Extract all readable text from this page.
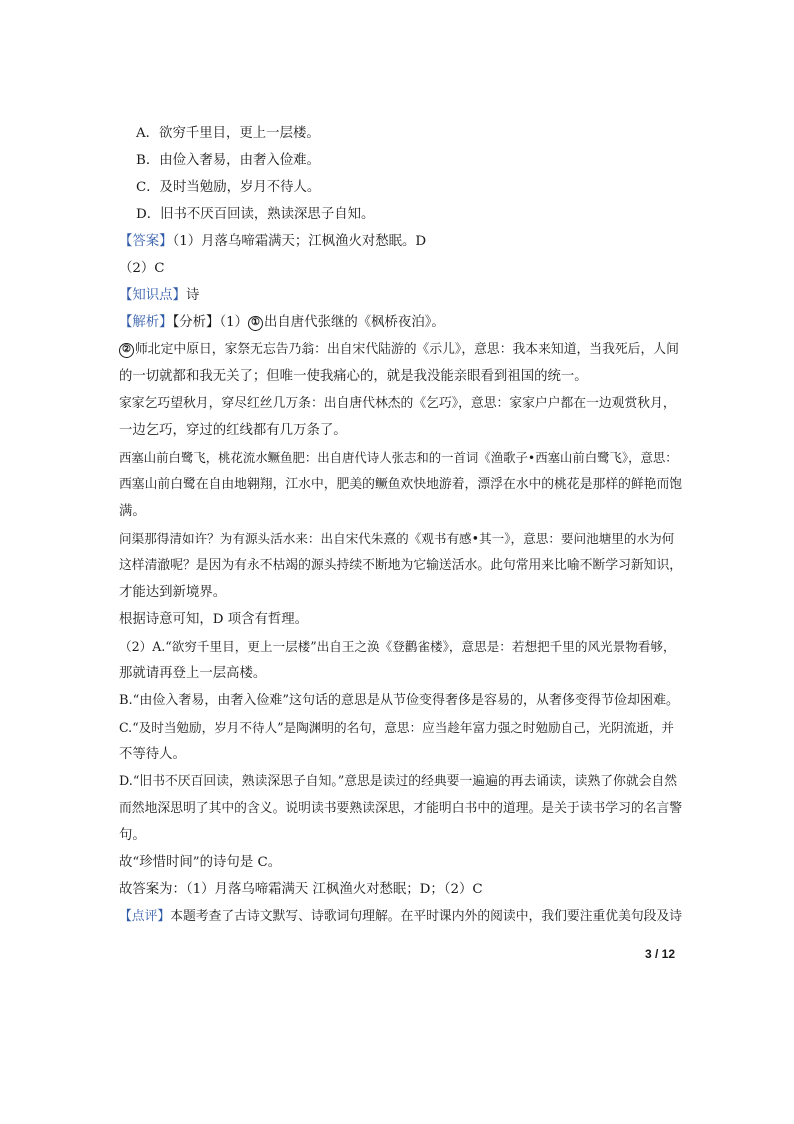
A．欲穷千里目，更上一层楼。

B．由俭入奢易，由奢入俭难。

C．及时当勉励，岁月不待人。

D．旧书不厌百回读，熟读深思子自知。

【答案】（1）月落乌啼霜满天；江枫渔火对愁眠。D

（2）C

【知识点】诗

【解析】【分析】（1） ① 出自唐代张继的《枫桥夜泊》。

② 师北定中原日，家祭无忘告乃翁：出自宋代陆游的《示儿》，意思：我本来知道，当我死后，人间

的一切就都和我无关了；但唯一使我痛心的，就是我没能亲眼看到祖国的统一。

家家乞巧望秋月，穿尽红丝几万条：出自唐代林杰的《乞巧》，意思：家家户户都在一边观赏秋月，

一边乞巧，穿过的红线都有几万条了。

西塞山前白鹭飞，桃花流水鳜鱼肥：出自唐代诗人张志和的一首词《渔歌子•西塞山前白鹭飞》，意思：

西塞山前白鹭在自由地翱翔，江水中，肥美的鳜鱼欢快地游着，漂浮在水中的桃花是那样的鲜艳而饱

满。

问渠那得清如许？为有源头活水来：出自宋代朱熹的《观书有感•其一》，意思：要问池塘里的水为何

这样清澈呢？是因为有永不枯竭的源头持续不断地为它输送活水。此句常用来比喻不断学习新知识，

才能达到新境界。

根据诗意可知，D 项含有哲理。

（2）A.“欲穷千里目，更上一层楼”出自王之涣《登鹳雀楼》，意思是：若想把千里的风光景物看够，

那就请再登上一层高楼。

B.“由俭入奢易，由奢入俭难”这句话的意思是从节俭变得奢侈是容易的，从奢侈变得节俭却困难。

C.“及时当勉励，岁月不待人”是陶渊明的名句，意思：应当趁年富力强之时勉励自己，光阴流逝，并

不等待人。

D.“旧书不厌百回读，熟读深思子自知。”意思是读过的经典要一遍遍的再去诵读，读熟了你就会自然

而然地深思明了其中的含义。说明读书要熟读深思，才能明白书中的道理。是关于读书学习的名言警

句。

故“珍惜时间”的诗句是 C。

故答案为：（1）月落乌啼霜满天 江枫渔火对愁眠；D；（2）C

【点评】本题考查了古诗文默写、诗歌词句理解。在平时课内外的阅读中，我们要注重优美句段及诗

3 / 12
